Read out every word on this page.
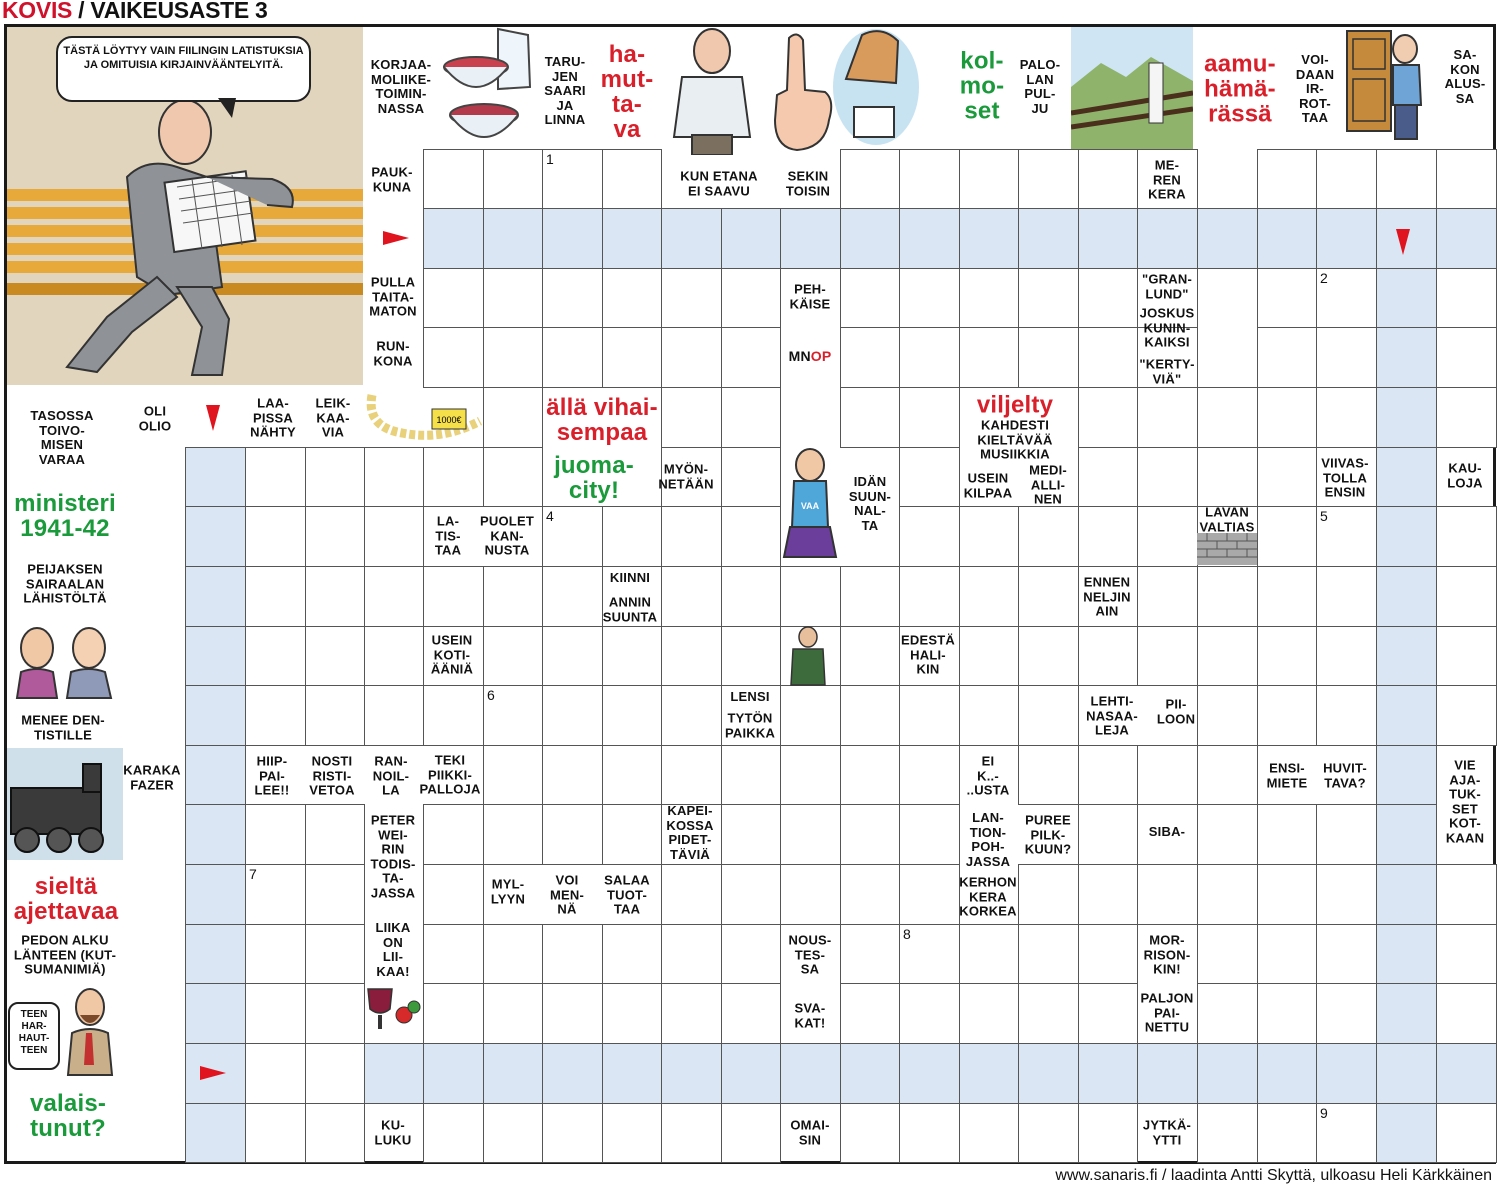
KOVIS / VAIKEUSASTE 3
1
2
4	5
6
7
8
9
TÄSTÄ LÖYTYY VAIN FIILINGIN LATISTUKSIA JA OMITUISIA KIRJAINVÄÄNTELYITÄ.
1000€
VAA
TEEN HAR-HAUT-TEEN
KORJAA-
MOLIIKE-
TOIMIN-
NASSA
TARU-
JEN
SAARI
JA
LINNA
ha-
mut-
ta-
va
kol-
mo-
set
PALO-
LAN
PUL-
JU
aamu-
hämä-
rässä
VOI-
DAAN
IR-
ROT-
TAA
SA-
KON
ALUS-
SA
PAUK-
KUNA
KUN ETANA
EI SAAVU
SEKIN
TOISIN
ME-
REN
KERA
PULLA
TAITA-
MATON
PEH-
KÄISE
"GRAN-
LUND"
JOSKUS
KUNIN-
KAIKSI
"KERTY-
VIÄ"
RUN-
KONA	MNOP
TASOSSA
TOIVO-
MISEN
VARAA
OLI
OLIO
LAA-
PISSA
NÄHTY
LEIK-
KAA-
VIA
ällä vihai-
sempaa
viljelty
KAHDESTI
KIELTÄVÄÄ
MUSIIKKIA
juoma-
city!
MYÖN-
NETÄÄN	IDÄN
SUUN-
NAL-
TA
USEIN
KILPAA
MEDI-
ALLI-
NEN
VIIVAS-
TOLLA
ENSIN
KAU-
LOJA
ministeri
1941-42	LA-
TIS-
TAA
PUOLET
KAN-
NUSTA
LAVAN
VALTIAS
PEIJAKSEN
SAIRAALAN
LÄHISTÖLTÄ
KIINNI
ANNIN
SUUNTA
ENNEN
NELJIN
AIN
USEIN
KOTI-
ÄÄNIÄ
EDESTÄ
HALI-
KIN
LENSI
TYTÖN
PAIKKA
LEHTI-
NASAA-
LEJA
PII-
LOON
MENEE DEN-
TISTILLE
KARAKA
FAZER
HIIP-
PAI-
LEE!!
NOSTI
RISTI-
VETOA
RAN-
NOIL-
LA
TEKI
PIIKKI-
PALLOJA
EI
K..-
..USTA
ENSI-
MIETE
HUVIT-
TAVA?
VIE
AJA-
TUK-
SET
KOT-
KAAN
PETER
WEI-
RIN
TODIS-
TA-
JASSA
KAPEI-
KOSSA
PIDET-
TÄVIÄ
LAN-
TION-
POH-
JASSA
PUREE
PILK-
KUUN?
SIBA-
sieltä
ajettavaa
MYL-
LYYN
VOI
MEN-
NÄ
SALAA
TUOT-
TAA
KERHON
KERA
KORKEA
LIIKA
ON
LII-
KAA!
PEDON ALKU
LÄNTEEN (KUT-
SUMANIMIÄ)
NOUS-
TES-
SA
MOR-
RISON-
KIN!
SVA-
KAT!
PALJON
PAI-
NETTU
valais-
tunut?	KU-
LUKU
OMAI-
SIN
JYTKÄ-
YTTI
www.sanaris.fi / laadinta Antti Skyttä, ulkoasu Heli Kärkkäinen
